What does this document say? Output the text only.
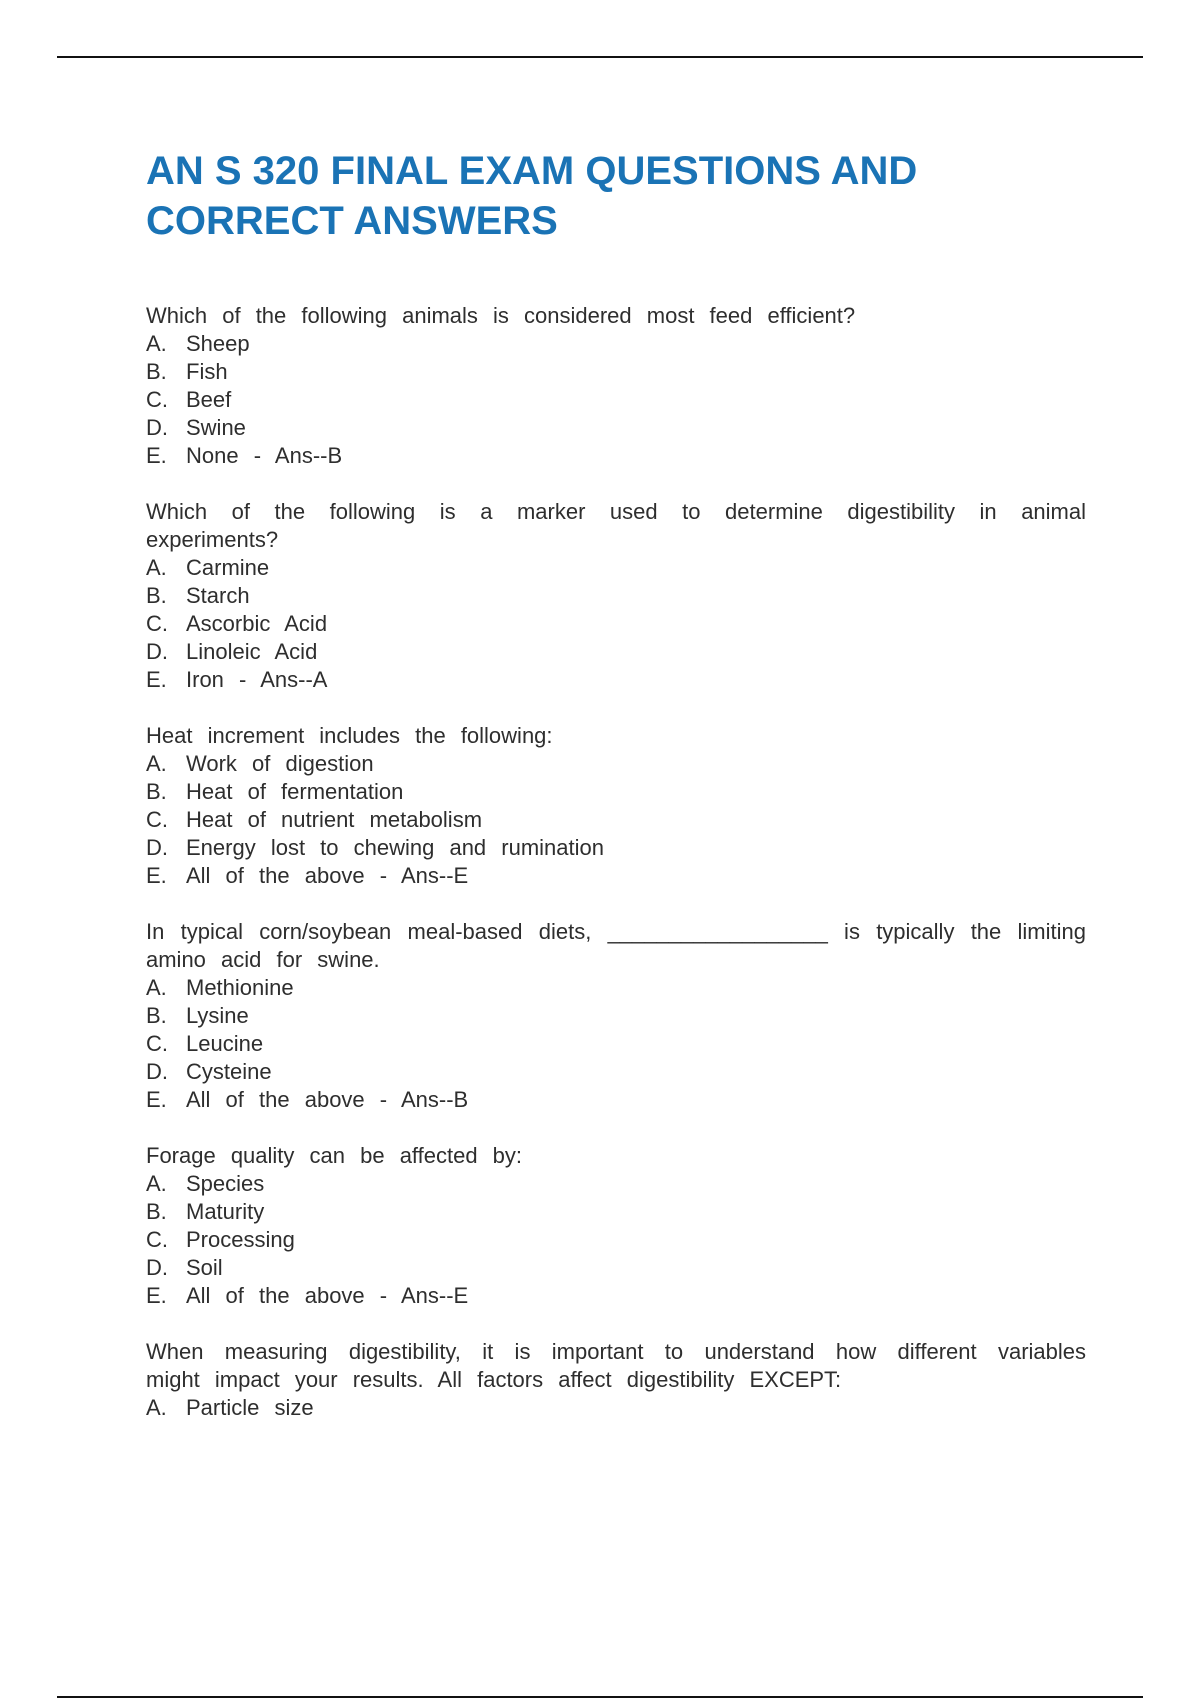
AN S 320 FINAL EXAM QUESTIONS AND CORRECT ANSWERS
Which of the following animals is considered most feed efficient?
A. Sheep
B. Fish
C. Beef
D. Swine
E. None - Ans--B
Which of the following is a marker used to determine digestibility in animal experiments?
A. Carmine
B. Starch
C. Ascorbic Acid
D. Linoleic Acid
E. Iron - Ans--A
Heat increment includes the following:
A. Work of digestion
B. Heat of fermentation
C. Heat of nutrient metabolism
D. Energy lost to chewing and rumination
E. All of the above - Ans--E
In typical corn/soybean meal-based diets, __________________ is typically the limiting amino acid for swine.
A. Methionine
B. Lysine
C. Leucine
D. Cysteine
E. All of the above - Ans--B
Forage quality can be affected by:
A. Species
B. Maturity
C. Processing
D. Soil
E. All of the above - Ans--E
When measuring digestibility, it is important to understand how different variables might impact your results. All factors affect digestibility EXCEPT:
A. Particle size
